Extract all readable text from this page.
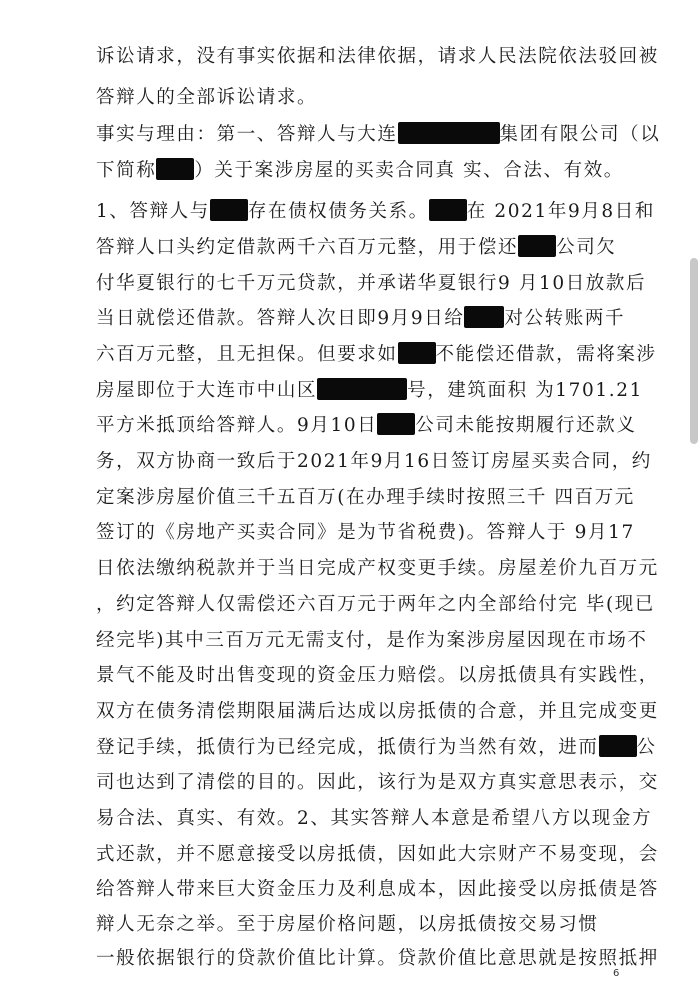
诉讼请求，没有事实依据和法律依据，请求人民法院依法驳回被
答辩人的全部诉讼请求。
事实与理由：第一、答辩人与大连	集团有限公司（以
下简称 ）关于案涉房屋的买卖合同真 实、合法、有效。
1、答辩人与 存在债权债务关系。 在 2021年9月8日和
答辩人口头约定借款两千六百万元整，用于偿还 公司欠
付华夏银行的七千万元贷款，并承诺华夏银行9 月10日放款后
当日就偿还借款。答辩人次日即9月9日给 对公转账两千
六百万元整，且无担保。但要求如 不能偿还借款，需将案涉
房屋即位于大连市中山区	号，建筑面积 为1701.21
平方米抵顶给答辩人。9月10日 公司未能按期履行还款义
务，双方协商一致后于2021年9月16日签订房屋买卖合同，约
定案涉房屋价值三千五百万(在办理手续时按照三千 四百万元
签订的《房地产买卖合同》是为节省税费)。答辩人于 9月17
日依法缴纳税款并于当日完成产权变更手续。房屋差价九百万元
，约定答辩人仅需偿还六百万元于两年之内全部给付完 毕(现已
经完毕)其中三百万元无需支付，是作为案涉房屋因现在市场不
景气不能及时出售变现的资金压力赔偿。以房抵债具有实践性，
双方在债务清偿期限届满后达成以房抵债的合意，并且完成变更
登记手续，抵债行为已经完成，抵债行为当然有效，进而 公
司也达到了清偿的目的。因此，该行为是双方真实意思表示，交
易合法、真实、有效。2、其实答辩人本意是希望八方以现金方
式还款，并不愿意接受以房抵债，因如此大宗财产不易变现，会
给答辩人带来巨大资金压力及利息成本，因此接受以房抵债是答
辩人无奈之举。至于房屋价格问题，以房抵债按交易习惯
一般依据银行的贷款价值比计算。贷款价值比意思就是按照抵押
6
